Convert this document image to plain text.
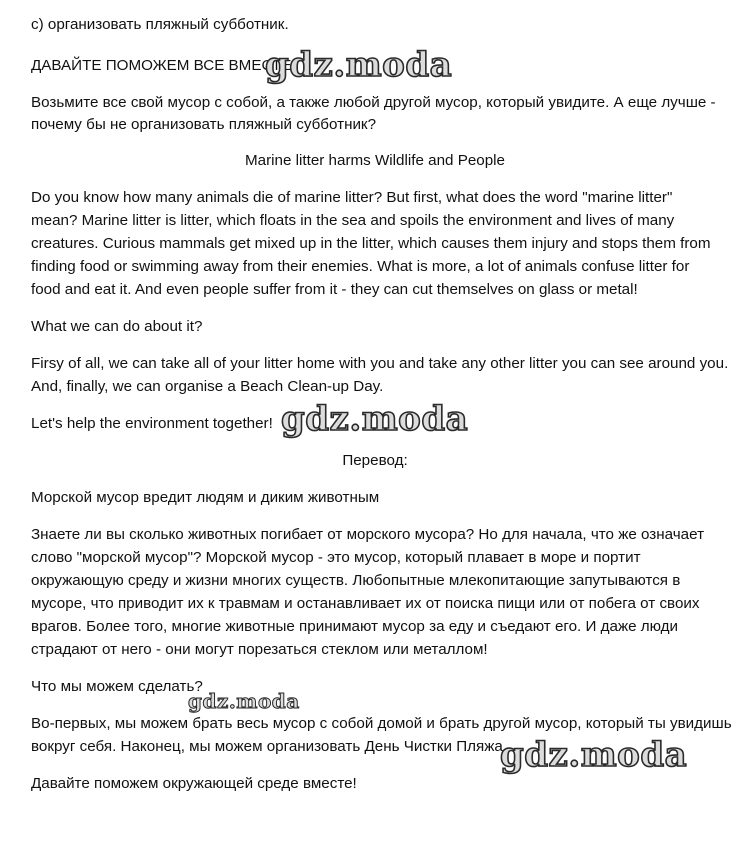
с) организовать пляжный субботник.
ДАВАЙТЕ ПОМОЖЕМ ВСЕ ВМЕСТЕ
Возьмите все свой мусор с собой, а также любой другой мусор, который увидите. А еще лучше -
почему бы не организовать пляжный субботник?
Marine litter harms Wildlife and People
Do you know how many animals die of marine litter? But first, what does the word "marine litter"
mean? Marine litter is litter, which floats in the sea and spoils the environment and lives of many
creatures. Curious mammals get mixed up in the litter, which causes them injury and stops them from
finding food or swimming away from their enemies. What is more, a lot of animals confuse litter for
food and eat it. And even people suffer from it - they can cut themselves on glass or metal!
What we can do about it?
Firsy of all, we can take all of your litter home with you and take any other litter you can see around you.
And, finally, we can organise a Beach Clean-up Day.
Let's help the environment together!
Перевод:
Морской мусор вредит людям и диким животным
Знаете ли вы сколько животных погибает от морского мусора? Но для начала, что же означает
слово "морской мусор"? Морской мусор - это мусор, который плавает в море и портит
окружающую среду и жизни многих существ. Любопытные млекопитающие запутываются в
мусоре, что приводит их к травмам и останавливает их от поиска пищи или от побега от своих
врагов. Более того, многие животные принимают мусор за еду и съедают его. И даже люди
страдают от него - они могут порезаться стеклом или металлом!
Что мы можем сделать?
Во-первых, мы можем брать весь мусор с собой домой и брать другой мусор, который ты увидишь
вокруг себя. Наконец, мы можем организовать День Чистки Пляжа.
Давайте поможем окружающей среде вместе!
gdz.moda
gdz.moda
gdz.moda
gdz.moda
